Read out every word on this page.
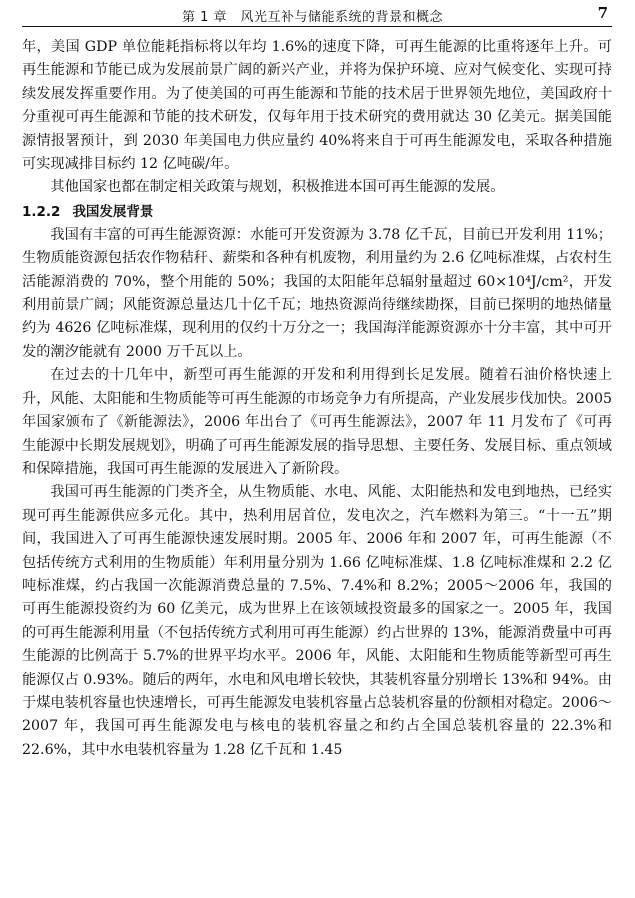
第 1 章　风光互补与储能系统的背景和概念	7

年，美国 GDP 单位能耗指标将以年均 1.6%的速度下降，可再生能源的比重将逐年上升。可再生能源和节能已成为发展前景广阔的新兴产业，并将为保护环境、应对气候变化、实现可持续发展发挥重要作用。为了使美国的可再生能源和节能的技术居于世界领先地位，美国政府十分重视可再生能源和节能的技术研发，仅每年用于技术研究的费用就达 30 亿美元。据美国能源情报署预计，到 2030 年美国电力供应量约 40%将来自于可再生能源发电，采取各种措施可实现减排目标约 12 亿吨碳/年。

其他国家也都在制定相关政策与规划，积极推进本国可再生能源的发展。

1.2.2 我国发展背景

我国有丰富的可再生能源资源：水能可开发资源为 3.78 亿千瓦，目前已开发利用 11%；生物质能资源包括农作物秸秆、薪柴和各种有机废物，利用量约为 2.6 亿吨标准煤，占农村生活能源消费的 70%，整个用能的 50%；我国的太阳能年总辐射量超过 60×10⁴J/cm²，开发利用前景广阔；风能资源总量达几十亿千瓦；地热资源尚待继续勘探，目前已探明的地热储量约为 4626 亿吨标准煤，现利用的仅约十万分之一；我国海洋能源资源亦十分丰富，其中可开发的潮汐能就有 2000 万千瓦以上。

在过去的十几年中，新型可再生能源的开发和利用得到长足发展。随着石油价格快速上升，风能、太阳能和生物质能等可再生能源的市场竞争力有所提高，产业发展步伐加快。2005 年国家颁布了《新能源法》，2006 年出台了《可再生能源法》，2007 年 11 月发布了《可再生能源中长期发展规划》，明确了可再生能源发展的指导思想、主要任务、发展目标、重点领域和保障措施，我国可再生能源的发展进入了新阶段。

我国可再生能源的门类齐全，从生物质能、水电、风能、太阳能热和发电到地热，已经实现可再生能源供应多元化。其中，热利用居首位，发电次之，汽车燃料为第三。“十一五”期间，我国进入了可再生能源快速发展时期。2005 年、2006 年和 2007 年，可再生能源（不包括传统方式利用的生物质能）年利用量分别为 1.66 亿吨标准煤、1.8 亿吨标准煤和 2.2 亿吨标准煤，约占我国一次能源消费总量的 7.5%、7.4%和 8.2%；2005～2006 年，我国的可再生能源投资约为 60 亿美元，成为世界上在该领域投资最多的国家之一。2005 年，我国的可再生能源利用量（不包括传统方式利用可再生能源）约占世界的 13%，能源消费量中可再生能源的比例高于 5.7%的世界平均水平。2006 年，风能、太阳能和生物质能等新型可再生能源仅占 0.93%。随后的两年，水电和风电增长较快，其装机容量分别增长 13%和 94%。由于煤电装机容量也快速增长，可再生能源发电装机容量占总装机容量的份额相对稳定。2006～2007 年，我国可再生能源发电与核电的装机容量之和约占全国总装机容量的 22.3%和 22.6%，其中水电装机容量为 1.28 亿千瓦和 1.45
